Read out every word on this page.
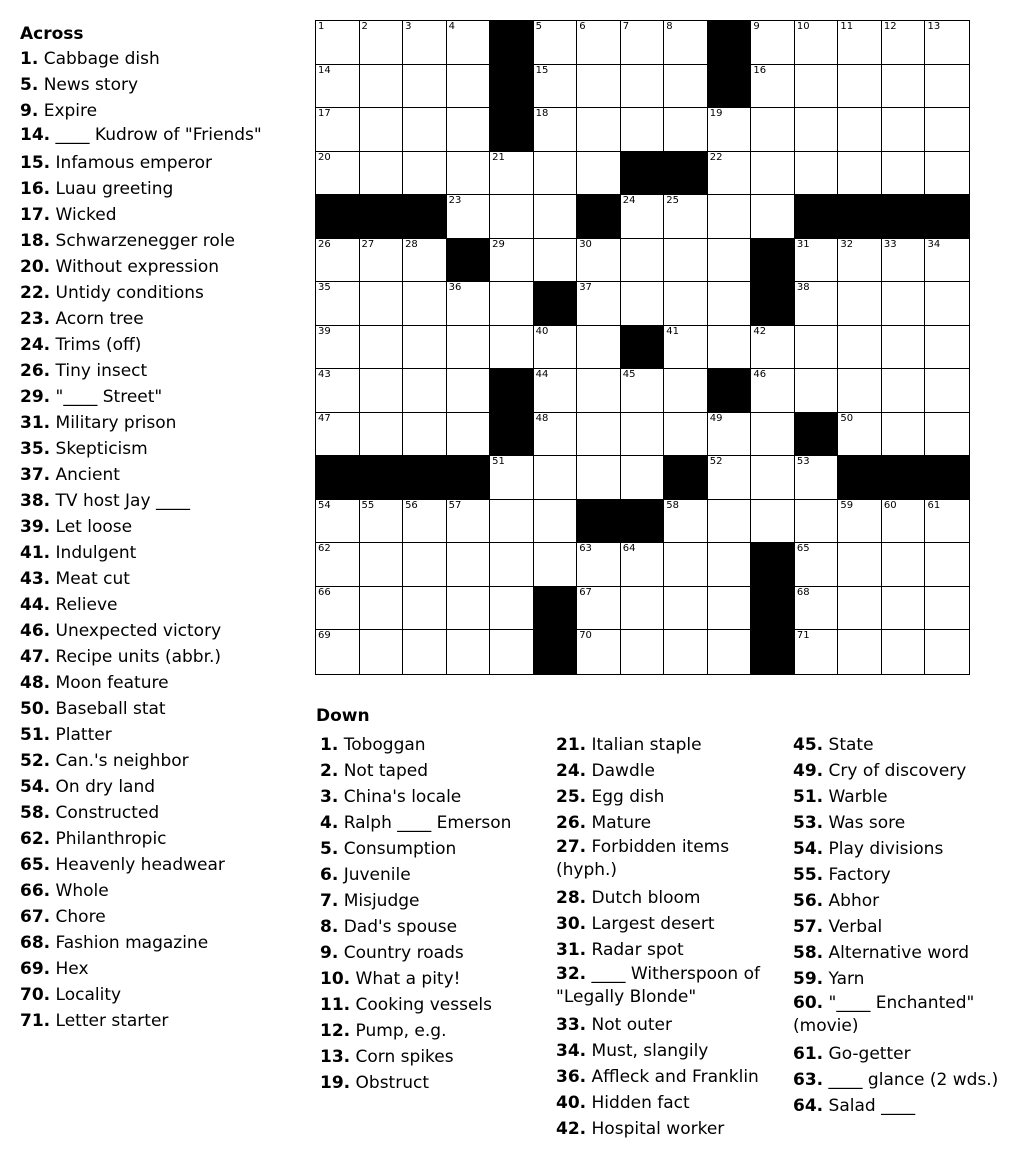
Across
1. Cabbage dish
5. News story
9. Expire
14. ____ Kudrow of "Friends"
15. Infamous emperor
16. Luau greeting
17. Wicked
18. Schwarzenegger role
20. Without expression
22. Untidy conditions
23. Acorn tree
24. Trims (off)
26. Tiny insect
29. "____ Street"
31. Military prison
35. Skepticism
37. Ancient
38. TV host Jay ____
39. Let loose
41. Indulgent
43. Meat cut
44. Relieve
46. Unexpected victory
47. Recipe units (abbr.)
48. Moon feature
50. Baseball stat
51. Platter
52. Can.'s neighbor
54. On dry land
58. Constructed
62. Philanthropic
65. Heavenly headwear
66. Whole
67. Chore
68. Fashion magazine
69. Hex
70. Locality
71. Letter starter
1	2	3	4	5	6	7	8	9	10	11	12	13
14	15	16
17	18	19
20	21	22
23	24	25
26	27	28	29	30	31	32	33	34
35	36	37	38
39	40	41	42
43	44	45	46
47	48	49	50
51	52	53
54	55	56	57	58	59	60	61
62	63	64	65
66	67	68
69	70	71
Down
1. Toboggan
2. Not taped
3. China's locale
4. Ralph ____ Emerson
5. Consumption
6. Juvenile
7. Misjudge
8. Dad's spouse
9. Country roads
10. What a pity!
11. Cooking vessels
12. Pump, e.g.
13. Corn spikes
19. Obstruct
21. Italian staple
24. Dawdle
25. Egg dish
26. Mature
27. Forbidden items (hyph.)
28. Dutch bloom
30. Largest desert
31. Radar spot
32. ____ Witherspoon of "Legally Blonde"
33. Not outer
34. Must, slangily
36. Affleck and Franklin
40. Hidden fact
42. Hospital worker
45. State
49. Cry of discovery
51. Warble
53. Was sore
54. Play divisions
55. Factory
56. Abhor
57. Verbal
58. Alternative word
59. Yarn
60. "____ Enchanted" (movie)
61. Go-getter
63. ____ glance (2 wds.)
64. Salad ____
